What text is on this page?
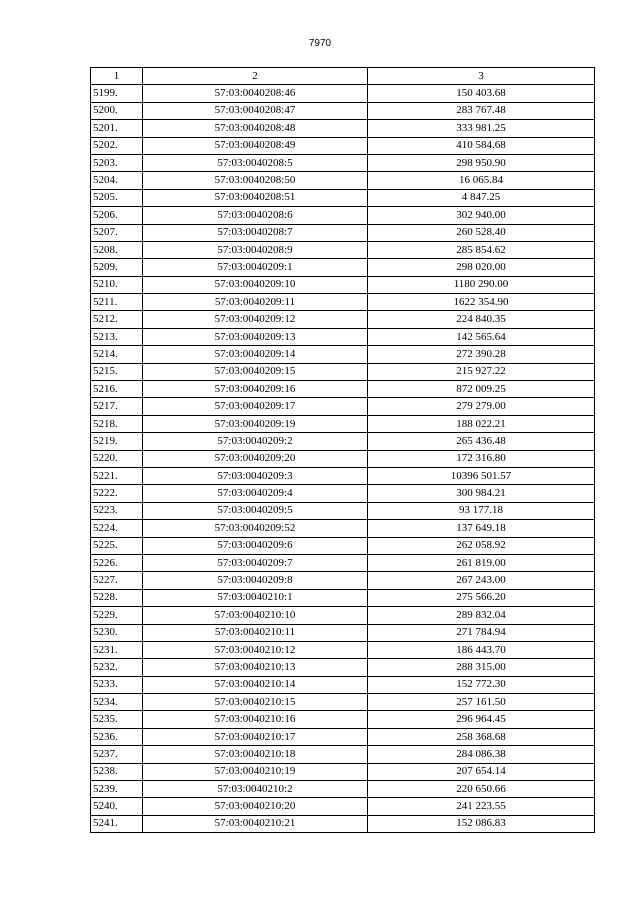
7970
1	2	3
5199.	57:03:0040208:46	150 403.68
5200.	57:03:0040208:47	283 767.48
5201.	57:03:0040208:48	333 981.25
5202.	57:03:0040208:49	410 584.68
5203.	57:03:0040208:5	298 950.90
5204.	57:03:0040208:50	16 065.84
5205.	57:03:0040208:51	4 847.25
5206.	57:03:0040208:6	302 940.00
5207.	57:03:0040208:7	260 528.40
5208.	57:03:0040208:9	285 854.62
5209.	57:03:0040209:1	298 020.00
5210.	57:03:0040209:10	1180 290.00
5211.	57:03:0040209:11	1622 354.90
5212.	57:03:0040209:12	224 840.35
5213.	57:03:0040209:13	142 565.64
5214.	57:03:0040209:14	272 390.28
5215.	57:03:0040209:15	215 927.22
5216.	57:03:0040209:16	872 009.25
5217.	57:03:0040209:17	279 279.00
5218.	57:03:0040209:19	188 022.21
5219.	57:03:0040209:2	265 436.48
5220.	57:03:0040209:20	172 316.80
5221.	57:03:0040209:3	10396 501.57
5222.	57:03:0040209:4	300 984.21
5223.	57:03:0040209:5	93 177.18
5224.	57:03:0040209:52	137 649.18
5225.	57:03:0040209:6	262 058.92
5226.	57:03:0040209:7	261 819.00
5227.	57:03:0040209:8	267 243.00
5228.	57:03:0040210:1	275 566.20
5229.	57:03:0040210:10	289 832.04
5230.	57:03:0040210:11	271 784.94
5231.	57:03:0040210:12	186 443.70
5232.	57:03:0040210:13	288 315.00
5233.	57:03:0040210:14	152 772.30
5234.	57:03:0040210:15	257 161.50
5235.	57:03:0040210:16	296 964.45
5236.	57:03:0040210:17	258 368.68
5237.	57:03:0040210:18	284 086.38
5238.	57:03:0040210:19	207 654.14
5239.	57:03:0040210:2	220 650.66
5240.	57:03:0040210:20	241 223.55
5241.	57:03:0040210:21	152 086.83
